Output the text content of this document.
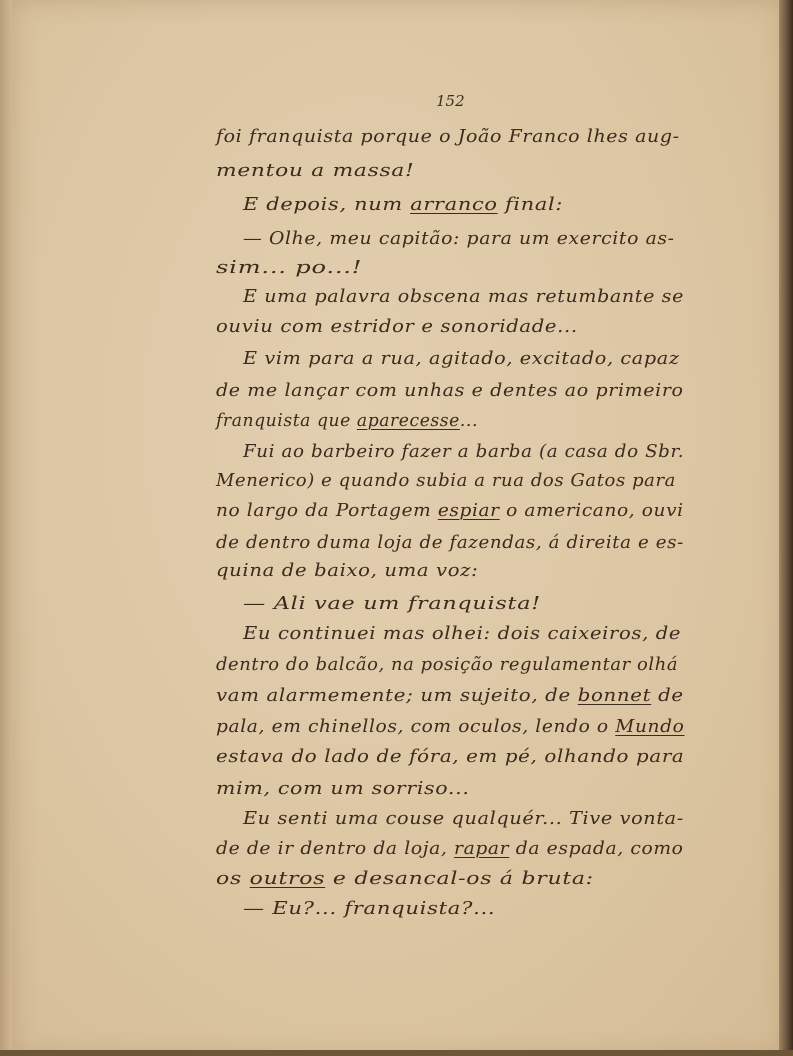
152
foi franquista porque o João Franco lhes aug-
mentou a massa!
E depois, num arranco final:
— Olhe, meu capitão: para um exercito as-
sim... po...!
E uma palavra obscena mas retumbante se
ouviu com estridor e sonoridade...
E vim para a rua, agitado, excitado, capaz
de me lançar com unhas e dentes ao primeiro
franquista que aparecesse...
Fui ao barbeiro fazer a barba (a casa do Sbr.
Menerico) e quando subia a rua dos Gatos para
no largo da Portagem espiar o americano, ouvi
de dentro duma loja de fazendas, á direita e es-
quina de baixo, uma voz:
— Ali vae um franquista!
Eu continuei mas olhei: dois caixeiros, de
dentro do balcão, na posição regulamentar olhá
vam alarmemente; um sujeito, de bonnet de
pala, em chinellos, com oculos, lendo o Mundo
estava do lado de fóra, em pé, olhando para
mim, com um sorriso...
Eu senti uma couse qualquér... Tive vonta-
de de ir dentro da loja, rapar da espada, como
os outros e desancal-os á bruta:
— Eu?... franquista?...
